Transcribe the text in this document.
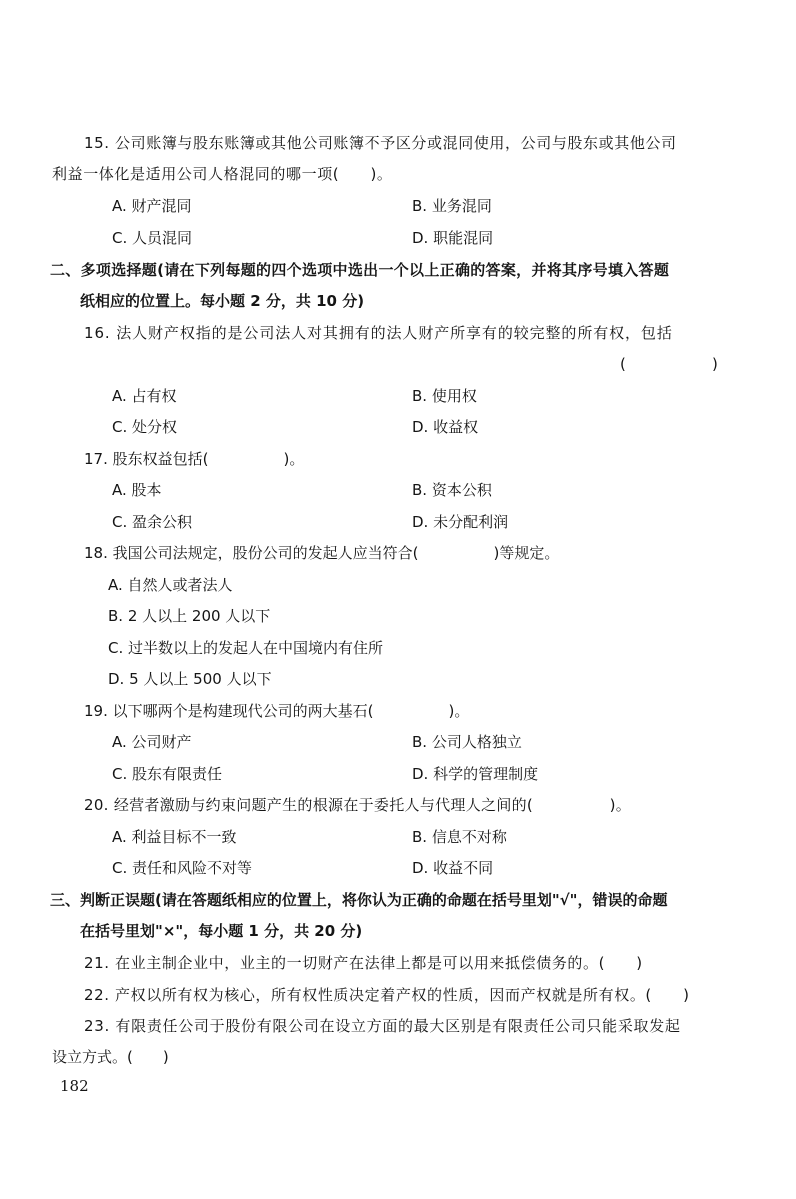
15. 公司账簿与股东账簿或其他公司账簿不予区分或混同使用，公司与股东或其他公司
利益一体化是适用公司人格混同的哪一项(　　)。
A. 财产混同	B. 业务混同
C. 人员混同	D. 职能混同
二、多项选择题(请在下列每题的四个选项中选出一个以上正确的答案，并将其序号填入答题
纸相应的位置上。每小题 2 分，共 10 分)
16. 法人财产权指的是公司法人对其拥有的法人财产所享有的较完整的所有权，包括
(	)
A. 占有权	B. 使用权
C. 处分权	D. 收益权
17. 股东权益包括(　　　　　)。
A. 股本	B. 资本公积
C. 盈余公积	D. 未分配利润
18. 我国公司法规定，股份公司的发起人应当符合(　　　　　)等规定。
A. 自然人或者法人
B. 2 人以上 200 人以下
C. 过半数以上的发起人在中国境内有住所
D. 5 人以上 500 人以下
19. 以下哪两个是构建现代公司的两大基石(　　　　　)。
A. 公司财产	B. 公司人格独立
C. 股东有限责任	D. 科学的管理制度
20. 经营者激励与约束问题产生的根源在于委托人与代理人之间的(　　　　　)。
A. 利益目标不一致	B. 信息不对称
C. 责任和风险不对等	D. 收益不同
三、判断正误题(请在答题纸相应的位置上，将你认为正确的命题在括号里划"√"，错误的命题
在括号里划"×"，每小题 1 分，共 20 分)
21. 在业主制企业中，业主的一切财产在法律上都是可以用来抵偿债务的。(　　)
22. 产权以所有权为核心，所有权性质决定着产权的性质，因而产权就是所有权。(　　)
23. 有限责任公司于股份有限公司在设立方面的最大区别是有限责任公司只能采取发起
设立方式。(　　)
182
